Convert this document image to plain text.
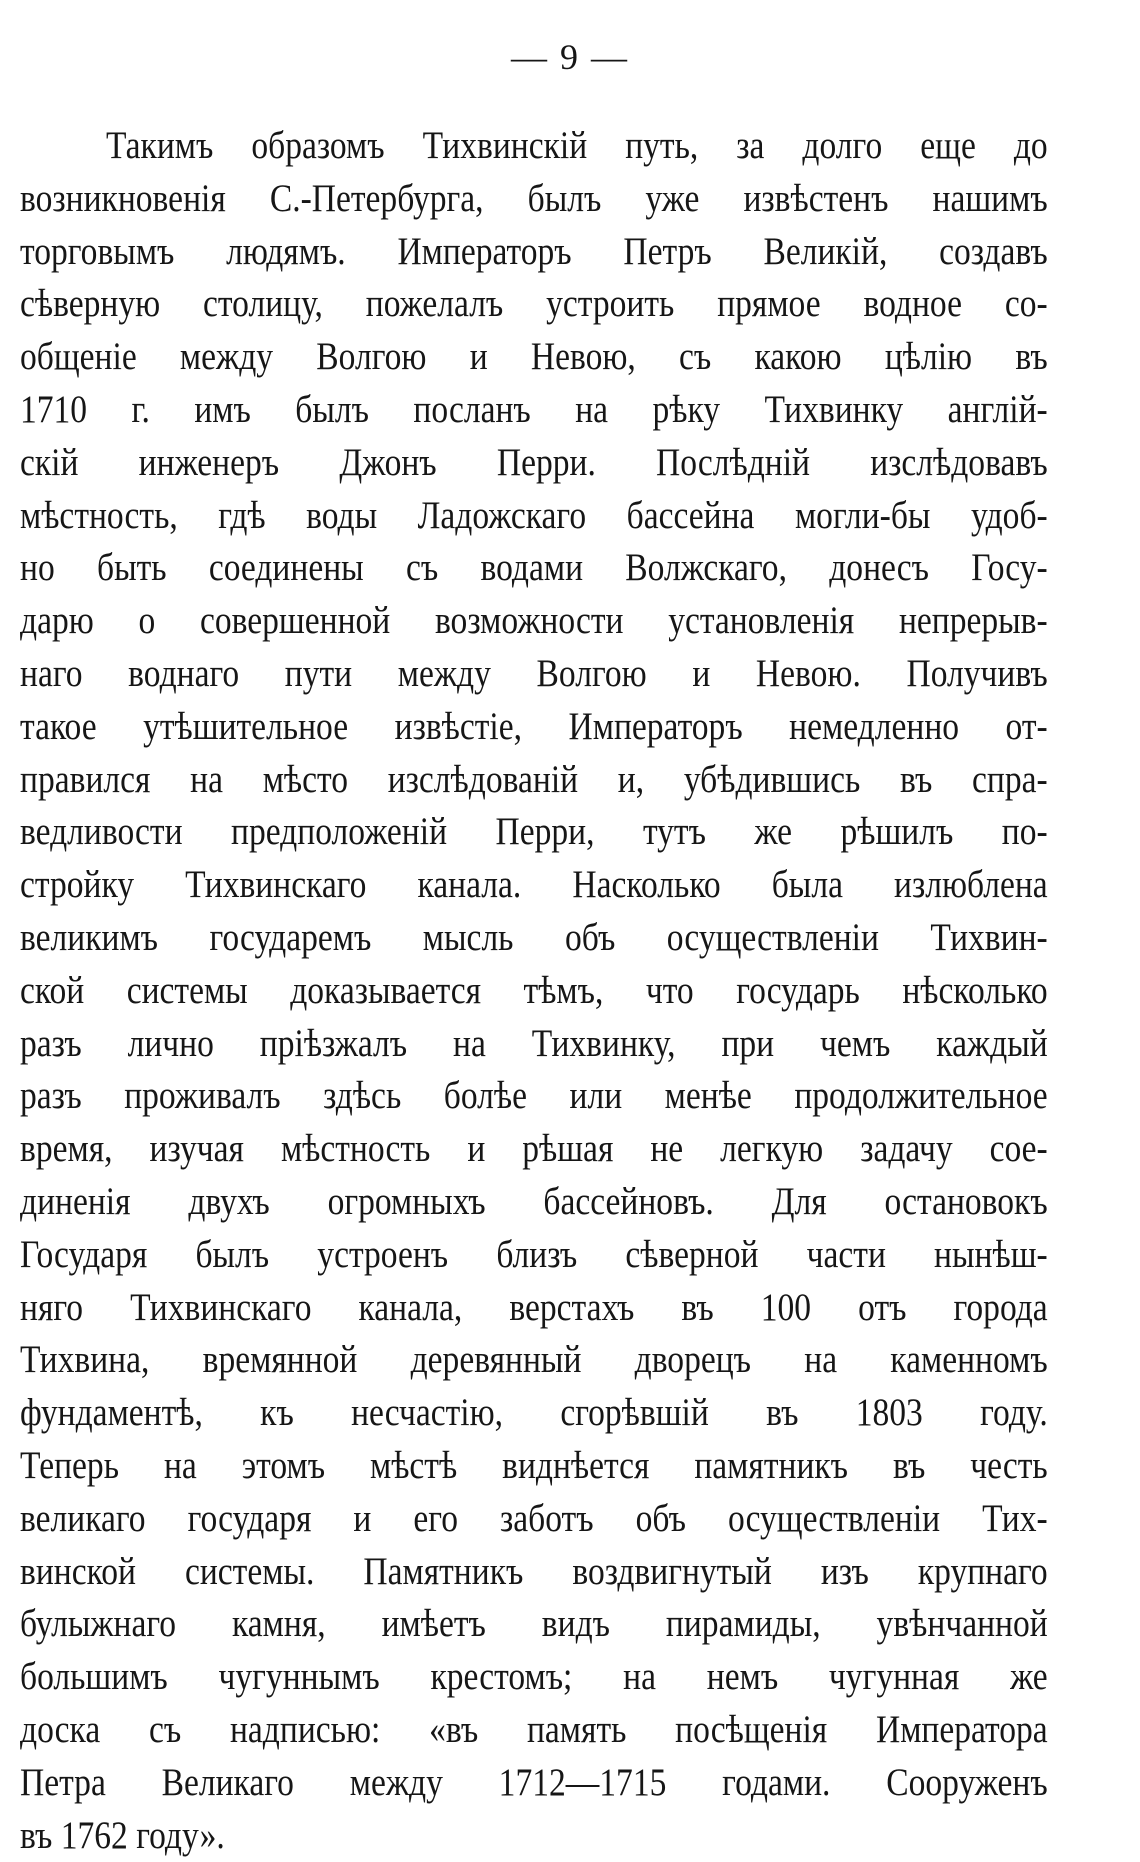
— 9 —
Такимъ образомъ Тихвинскій путь, за долго еще до
возникновенія С.-Петербурга, былъ уже извѣстенъ нашимъ
торговымъ людямъ. Императоръ Петръ Великій, создавъ
сѣверную столицу, пожелалъ устроить прямое водное со-
общеніе между Волгою и Невою, съ какою цѣлію въ
1710 г. имъ былъ посланъ на рѣку Тихвинку англій-
скій инженеръ Джонъ Перри. Послѣдній изслѣдовавъ
мѣстность, гдѣ воды Ладожскаго бассейна могли-бы удоб-
но быть соединены съ водами Волжскаго, донесъ Госу-
дарю о совершенной возможности установленія непрерыв-
наго воднаго пути между Волгою и Невою. Получивъ
такое утѣшительное извѣстіе, Императоръ немедленно от-
правился на мѣсто изслѣдованій и, убѣдившись въ спра-
ведливости предположеній Перри, тутъ же рѣшилъ по-
стройку Тихвинскаго канала. Насколько была излюблена
великимъ государемъ мысль объ осуществленіи Тихвин-
ской системы доказывается тѣмъ, что государь нѣсколько
разъ лично пріѣзжалъ на Тихвинку, при чемъ каждый
разъ проживалъ здѣсь болѣе или менѣе продолжительное
время, изучая мѣстность и рѣшая не легкую задачу сое-
диненія двухъ огромныхъ бассейновъ. Для остановокъ
Государя былъ устроенъ близъ сѣверной части нынѣш-
няго Тихвинскаго канала, верстахъ въ 100 отъ города
Тихвина, времянной деревянный дворецъ на каменномъ
фундаментѣ, къ несчастію, сгорѣвшій въ 1803 году.
Теперь на этомъ мѣстѣ виднѣется памятникъ въ честь
великаго государя и его заботъ объ осуществленіи Тих-
винской системы. Памятникъ воздвигнутый изъ крупнаго
булыжнаго камня, имѣетъ видъ пирамиды, увѣнчанной
большимъ чугуннымъ крестомъ; на немъ чугунная же
доска съ надписью: «въ память посѣщенія Императора
Петра Великаго между 1712—1715 годами. Сооруженъ
въ 1762 году».
